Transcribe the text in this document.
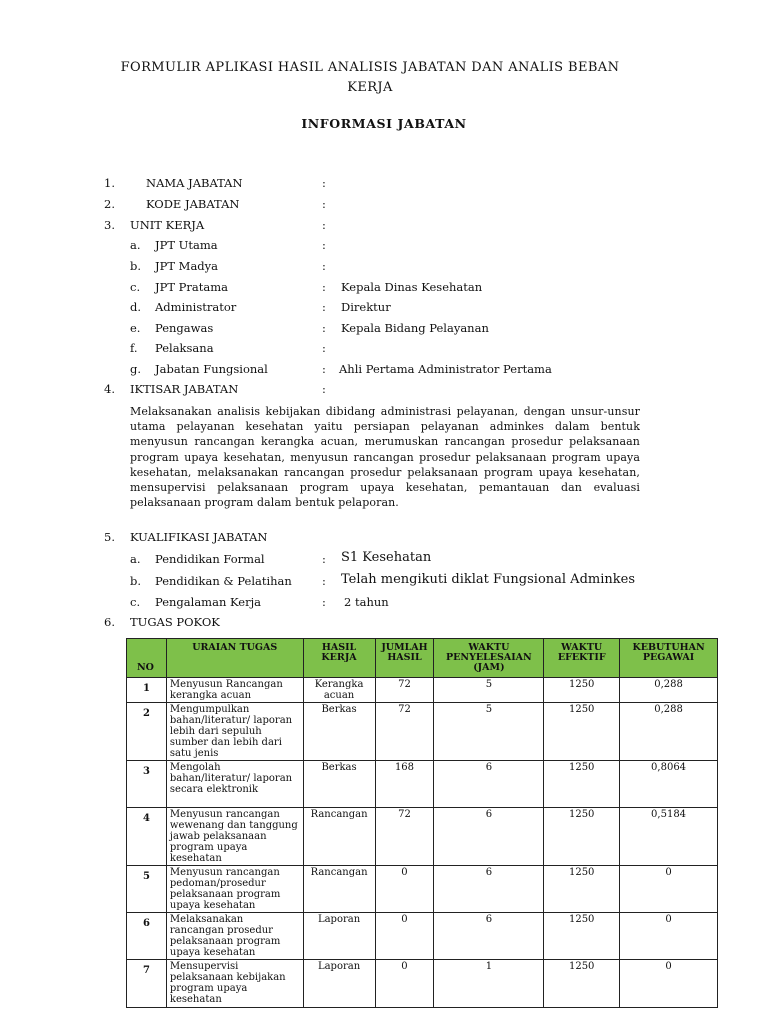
FORMULIR APLIKASI HASIL ANALISIS JABATAN DAN ANALIS BEBAN
KERJA
INFORMASI JABATAN
1.	NAMA JABATAN	:
2.	KODE JABATAN	:
3. UNIT KERJA	:
a. JPT Utama	:
b. JPT Madya	:
c. JPT Pratama	: Kepala Dinas Kesehatan
d. Administrator	: Direktur
e. Pengawas	: Kepala Bidang Pelayanan
f. Pelaksana	:
g. Jabatan Fungsional	: Ahli Pertama Administrator Pertama
4. IKTISAR JABATAN	:
Melaksanakan analisis kebijakan dibidang administrasi pelayanan, dengan unsur-unsur utama pelayanan kesehatan yaitu persiapan pelayanan adminkes dalam bentuk menyusun rancangan kerangka acuan, merumuskan rancangan prosedur pelaksanaan program upaya kesehatan, menyusun rancangan prosedur pelaksanaan program upaya kesehatan, melaksanakan rancangan prosedur pelaksanaan program upaya kesehatan, mensupervisi pelaksanaan program upaya kesehatan, pemantauan dan evaluasi pelaksanaan program dalam bentuk pelaporan.
5. KUALIFIKASI JABATAN
a. Pendidikan Formal	: S1 Kesehatan
b. Pendidikan & Pelatihan	: Telah mengikuti diklat Fungsional Adminkes
c. Pengalaman Kerja	: 2 tahun
6. TUGAS POKOK
NO	URAIAN TUGAS	HASIL KERJA	JUMLAH HASIL	WAKTU PENYELESAIAN (JAM)	WAKTU EFEKTIF	KEBUTUHAN PEGAWAI
1	Menyusun Rancangan kerangka acuan	Kerangka acuan	72	5	1250	0,288
2	Mengumpulkan bahan/literatur/ laporan lebih dari sepuluh sumber dan lebih dari satu jenis	Berkas	72	5	1250	0,288
3	Mengolah bahan/literatur/ laporan secara elektronik	Berkas	168	6	1250	0,8064
4	Menyusun rancangan wewenang dan tanggung jawab pelaksanaan program upaya kesehatan	Rancangan	72	6	1250	0,5184
5	Menyusun rancangan pedoman/prosedur pelaksanaan program upaya kesehatan	Rancangan	0	6	1250	0
6	Melaksanakan rancangan prosedur pelaksanaan program upaya kesehatan	Laporan	0	6	1250	0
7	Mensupervisi pelaksanaan kebijakan program upaya kesehatan	Laporan	0	1	1250	0
